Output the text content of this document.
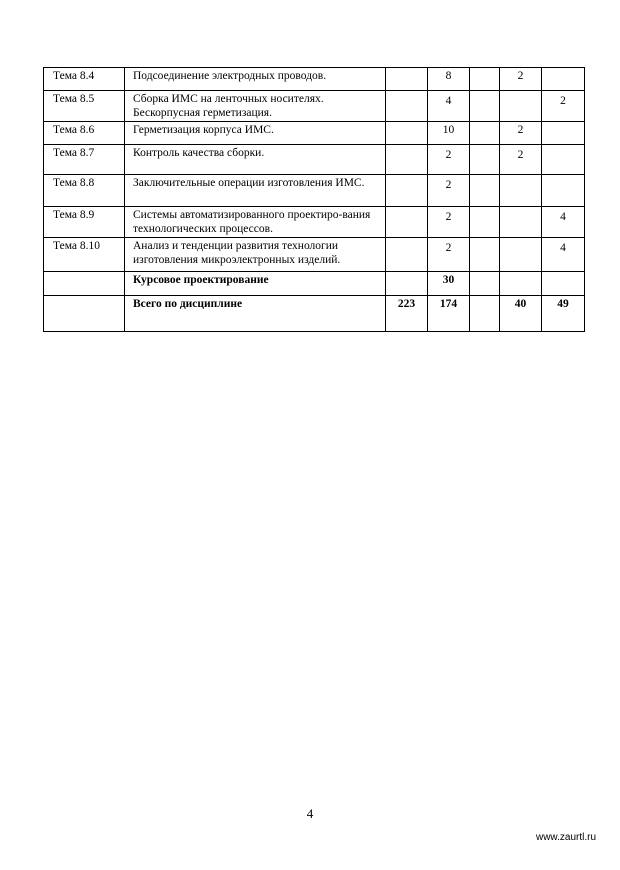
Тема 8.4	Подсоединение электродных проводов.		8		2	
Тема 8.5	Сборка ИМС на ленточных носителях. Бескорпусная герметизация.		4			2
Тема 8.6	Герметизация корпуса ИМС.		10		2	
Тема 8.7	Контроль качества сборки.		2		2	
Тема 8.8	Заключительные операции изготовления ИМС.		2			
Тема 8.9	Системы автоматизированного проектиро-вания технологических процессов.		2			4
Тема 8.10	Анализ и тенденции развития технологии изготовления микроэлектронных изделий.		2			4
	Курсовое проектирование		30			
	Всего по дисциплине	223	174		40	49
4
www.zaurtl.ru
